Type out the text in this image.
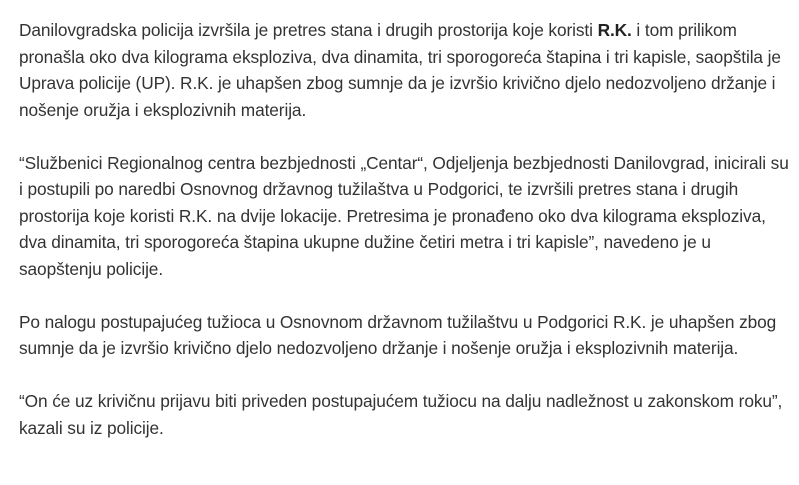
Danilovgradska policija izvršila je pretres stana i drugih prostorija koje koristi R.K. i tom prilikom pronašla oko dva kilograma eksploziva, dva dinamita, tri sporogoreća štapina i tri kapisle, saopštila je Uprava policije (UP). R.K. je uhapšen zbog sumnje da je izvršio krivično djelo nedozvoljeno držanje i nošenje oružja i eksplozivnih materija.

“Službenici Regionalnog centra bezbjednosti „Centar“, Odjeljenja bezbjednosti Danilovgrad, inicirali su i postupili po naredbi Osnovnog državnog tužilaštva u Podgorici, te izvršili pretres stana i drugih prostorija koje koristi R.K. na dvije lokacije. Pretresima je pronađeno oko dva kilograma eksploziva, dva dinamita, tri sporogoreća štapina ukupne dužine četiri metra i tri kapisle”, navedeno je u saopštenju policije.

Po nalogu postupajućeg tužioca u Osnovnom državnom tužilaštvu u Podgorici R.K. je uhapšen zbog sumnje da je izvršio krivično djelo nedozvoljeno držanje i nošenje oružja i eksplozivnih materija.

“On će uz krivičnu prijavu biti priveden postupajućem tužiocu na dalju nadležnost u zakonskom roku”, kazali su iz policije.
